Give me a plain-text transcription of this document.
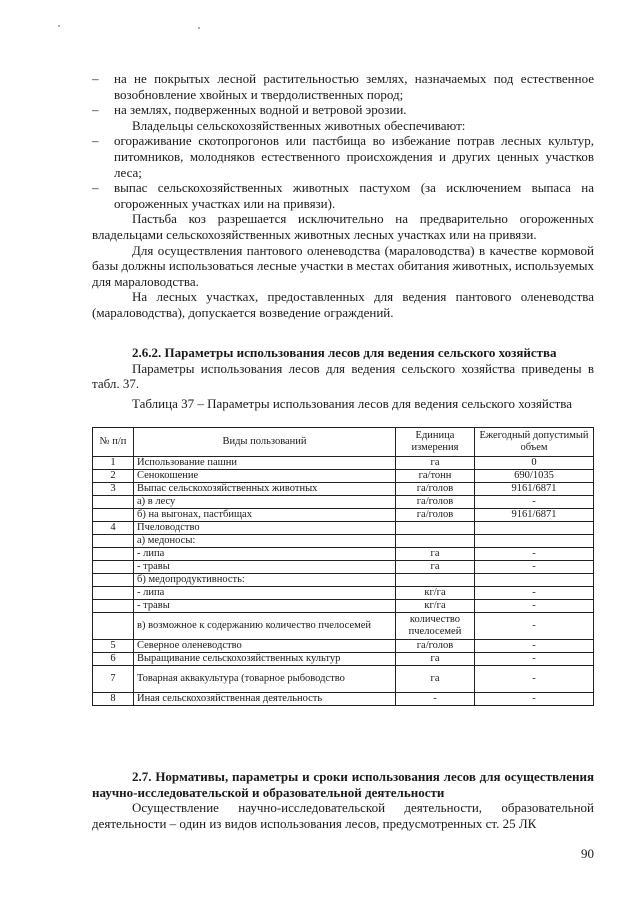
–	на не покрытых лесной растительностью землях, назначаемых под естественное возобновление хвойных и твердолиственных пород;
–	на землях, подверженных водной и ветровой эрозии.

Владельцы сельскохозяйственных животных обеспечивают:

–	огораживание скотопрогонов или пастбища во избежание потрав лесных культур, питомников, молодняков естественного происхождения и других ценных участков леса;
–	выпас сельскохозяйственных животных пастухом (за исключением выпаса на огороженных участках или на привязи).

Пастьба коз разрешается исключительно на предварительно огороженных владельцами сельскохозяйственных животных лесных участках или на привязи.

Для осуществления пантового оленеводства (мараловодства) в качестве кормовой базы должны использоваться лесные участки в местах обитания животных, используемых для мараловодства.

На лесных участках, предоставленных для ведения пантового оленеводства (мараловодства), допускается возведение ограждений.

2.6.2. Параметры использования лесов для ведения сельского хозяйства

Параметры использования лесов для ведения сельского хозяйства приведены в табл. 37.

Таблица 37 – Параметры использования лесов для ведения сельского хозяйства

№ п/п	Виды пользований	Единица измерения	Ежегодный допустимый объем
1	Использование пашни	га	0
2	Сенокошение	га/тонн	690/1035
3	Выпас сельскохозяйственных животных	га/голов	9161/6871
	а) в лесу	га/голов	-
	б) на выгонах, пастбищах	га/голов	9161/6871
4	Пчеловодство		
	а) медоносы:		
	- липа	га	-
	- травы	га	-
	б) медопродуктивность:		
	- липа	кг/га	-
	- травы	кг/га	-
	в) возможное к содержанию количество пчелосемей	количество пчелосемей	-
5	Северное оленеводство	га/голов	-
6	Выращивание сельскохозяйственных культур	га	-
7	Товарная аквакультура (товарное рыбоводство	га	-
8	Иная сельскохозяйственная деятельность	-	-

2.7. Нормативы, параметры и сроки использования лесов для осуществления научно-исследовательской и образовательной деятельности

Осуществление научно-исследовательской деятельности, образовательной деятельности – один из видов использования лесов, предусмотренных ст. 25 ЛК

90
